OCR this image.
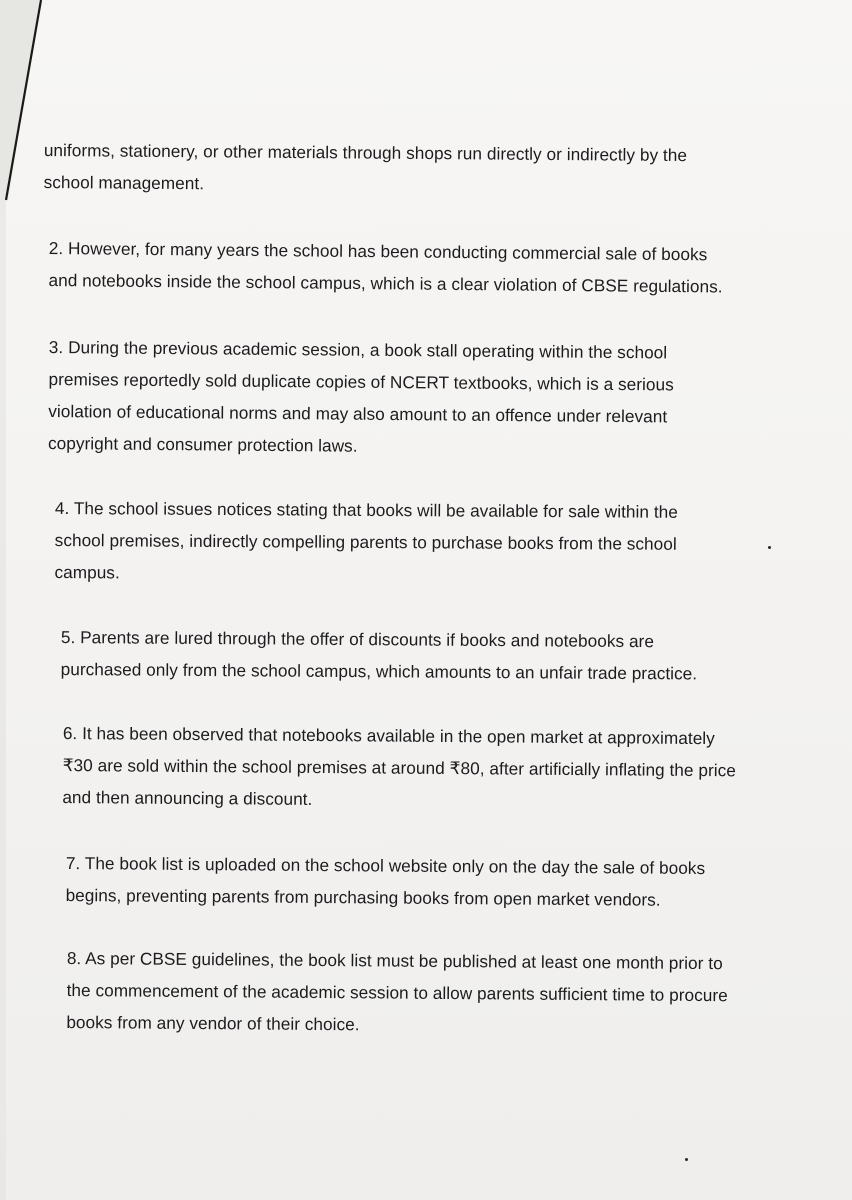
uniforms, stationery, or other materials through shops run directly or indirectly by the
school management.
2. However, for many years the school has been conducting commercial sale of books
and notebooks inside the school campus, which is a clear violation of CBSE regulations.
3. During the previous academic session, a book stall operating within the school
premises reportedly sold duplicate copies of NCERT textbooks, which is a serious
violation of educational norms and may also amount to an offence under relevant
copyright and consumer protection laws.
4. The school issues notices stating that books will be available for sale within the
school premises, indirectly compelling parents to purchase books from the school
campus.
5. Parents are lured through the offer of discounts if books and notebooks are
purchased only from the school campus, which amounts to an unfair trade practice.
6. It has been observed that notebooks available in the open market at approximately
₹30 are sold within the school premises at around ₹80, after artificially inflating the price
and then announcing a discount.
7. The book list is uploaded on the school website only on the day the sale of books
begins, preventing parents from purchasing books from open market vendors.
8. As per CBSE guidelines, the book list must be published at least one month prior to
the commencement of the academic session to allow parents sufficient time to procure
books from any vendor of their choice.
